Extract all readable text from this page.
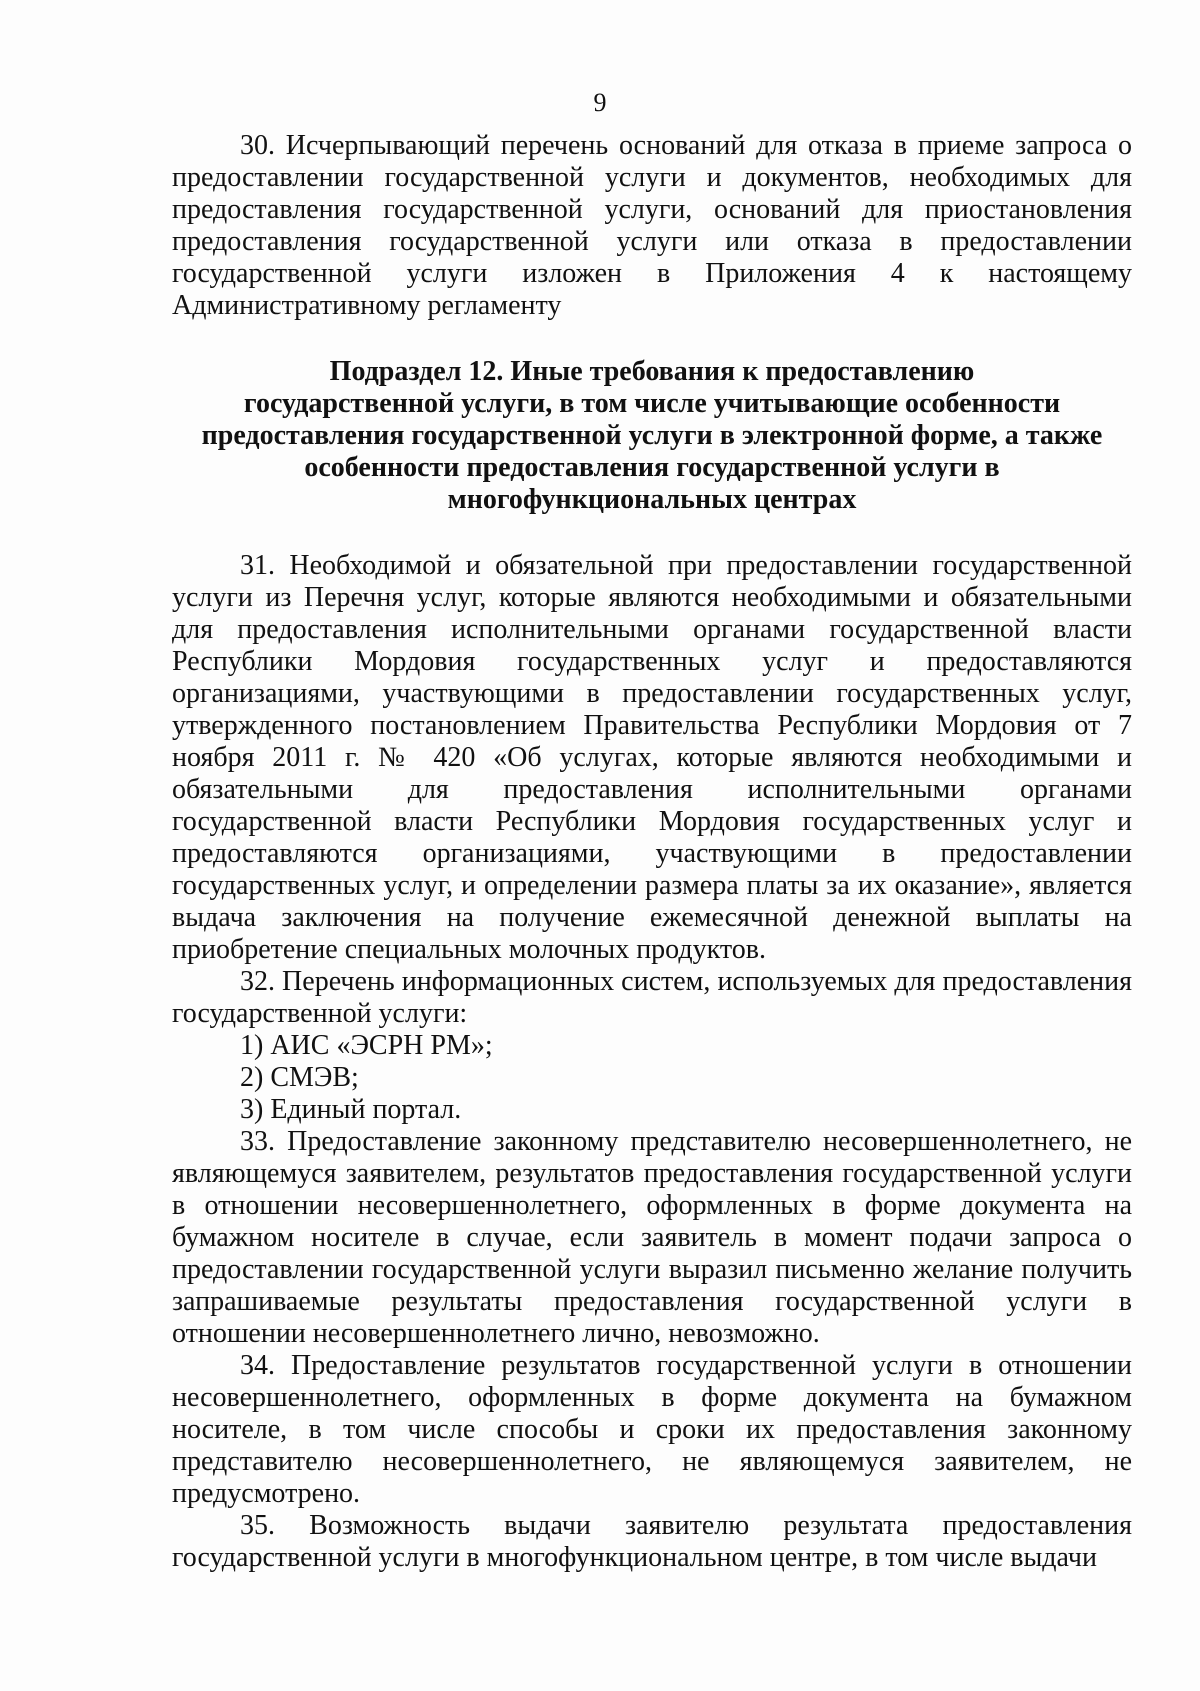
9

30. Исчерпывающий перечень оснований для отказа в приеме запроса о предоставлении государственной услуги и документов, необходимых для предоставления государственной услуги, оснований для приостановления предоставления государственной услуги или отказа в предоставлении государственной услуги изложен в Приложения 4 к настоящему Административному регламенту

Подраздел 12. Иные требования к предоставлению
государственной услуги, в том числе учитывающие особенности
предоставления государственной услуги в электронной форме, а также
особенности предоставления государственной услуги в
многофункциональных центрах

31. Необходимой и обязательной при предоставлении государственной услуги из Перечня услуг, которые являются необходимыми и обязательными для предоставления исполнительными органами государственной власти Республики Мордовия государственных услуг и предоставляются организациями, участвующими в предоставлении государственных услуг, утвержденного постановлением Правительства Республики Мордовия от 7 ноября 2011 г. № 420 «Об услугах, которые являются необходимыми и обязательными для предоставления исполнительными органами государственной власти Республики Мордовия государственных услуг и предоставляются организациями, участвующими в предоставлении государственных услуг, и определении размера платы за их оказание», является выдача заключения на получение ежемесячной денежной выплаты на приобретение специальных молочных продуктов.

32. Перечень информационных систем, используемых для предоставления государственной услуги:

1) АИС «ЭСРН РМ»;

2) СМЭВ;

3) Единый портал.

33. Предоставление законному представителю несовершеннолетнего, не являющемуся заявителем, результатов предоставления государственной услуги в отношении несовершеннолетнего, оформленных в форме документа на бумажном носителе в случае, если заявитель в момент подачи запроса о предоставлении государственной услуги выразил письменно желание получить запрашиваемые результаты предоставления государственной услуги в отношении несовершеннолетнего лично, невозможно.

34. Предоставление результатов государственной услуги в отношении несовершеннолетнего, оформленных в форме документа на бумажном носителе, в том числе способы и сроки их предоставления законному представителю несовершеннолетнего, не являющемуся заявителем, не предусмотрено.

35. Возможность выдачи заявителю результата предоставления государственной услуги в многофункциональном центре, в том числе выдачи
